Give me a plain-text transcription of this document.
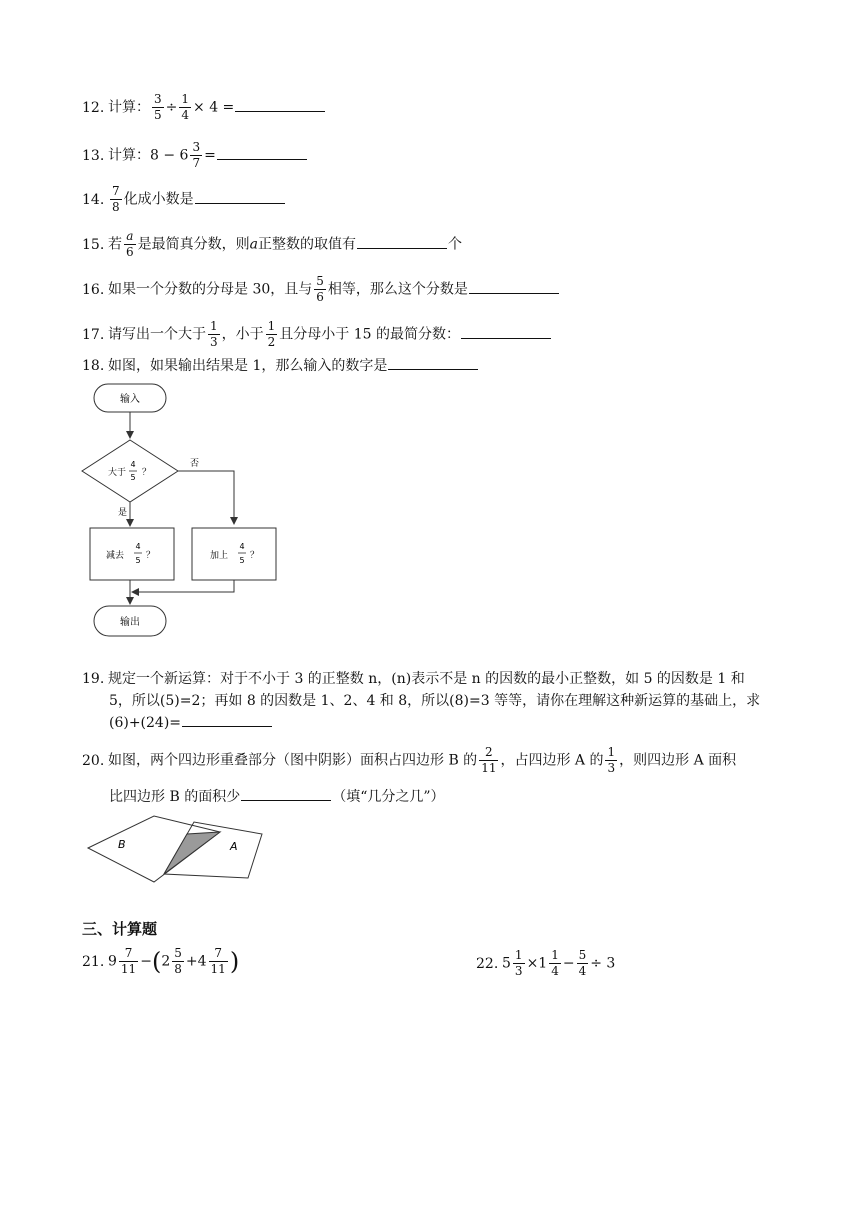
12. 计算： $\frac{3}{5} \div \frac{1}{4} \times 4$ =
13. 计算：$8 - 6 \frac{3}{7}$ =
14. $\frac{7}{8}$ 化成小数是
15. 若 $\frac{a}{6}$ 是最简真分数，则a正整数的取值有	个
16. 如果一个分数的分母是 30，且与 $\frac{5}{6}$ 相等，那么这个分数是
17. 请写出一个大于 $\frac{1}{3}$ ，小于 $\frac{1}{2}$ 且分母小于 15 的最简分数：
18. 如图，如果输出结果是 1，那么输入的数字是
输入
大于
4
5 ？
否
是
减去
4
5 ？	加上
4
5 ？
输出
19. 规定一个新运算：对于不小于 3 的正整数 n，(n)表示不是 n 的因数的最小正整数，如 5 的因数是 1 和
5，所以(5)=2；再如 8 的因数是 1、2、4 和 8，所以(8)=3 等等，请你在理解这种新运算的基础上，求
(6)+(24)=
20. 如图，两个四边形重叠部分（图中阴影）面积占四边形 B 的 $\frac{2}{11}$ ，占四边形 A 的 $\frac{1}{3}$ ，则四边形 A 面积
比四边形 B 的面积少	（填“几分之几”）
B	A
三、计算题
21. $9 \frac{7}{11} -(2 \frac{5}{8} +4 \frac{7}{11}$ )	22. $5 \frac{1}{3} \times 1 \frac{1}{4} - \frac{5}{4} \div 3$
